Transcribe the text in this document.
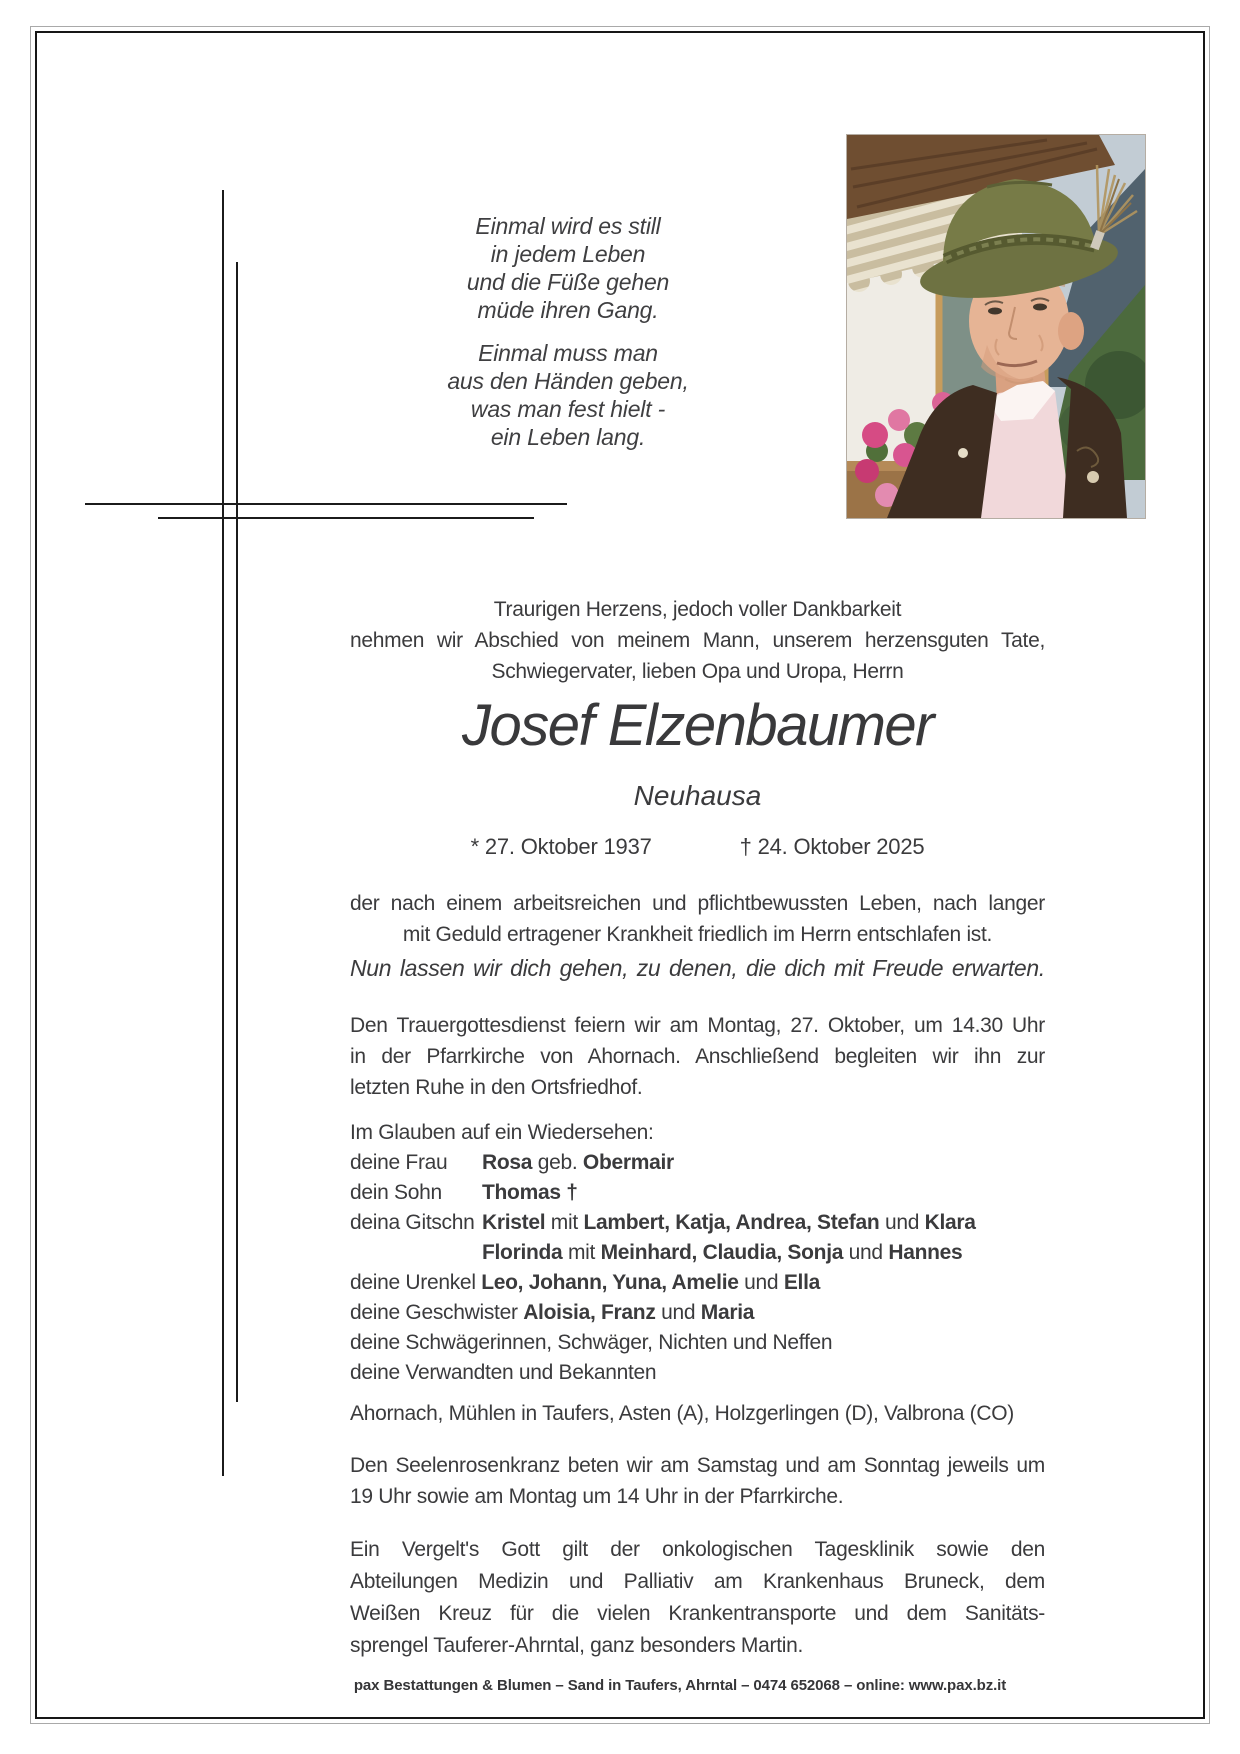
Einmal wird es still
in jedem Leben
und die Füße gehen
müde ihren Gang.
Einmal muss man
aus den Händen geben,
was man fest hielt -
ein Leben lang.
Traurigen Herzens, jedoch voller Dankbarkeit
nehmen wir Abschied von meinem Mann, unserem herzensguten Tate,
Schwiegervater, lieben Opa und Uropa, Herrn
Josef Elzenbaumer
Neuhausa
* 27. Oktober 1937	† 24. Oktober 2025
der nach einem arbeitsreichen und pflichtbewussten Leben, nach langer
mit Geduld ertragener Krankheit friedlich im Herrn entschlafen ist.
Nun lassen wir dich gehen, zu denen, die dich mit Freude erwarten.
Den Trauergottesdienst feiern wir am Montag, 27. Oktober, um 14.30 Uhr
in der Pfarrkirche von Ahornach. Anschließend begleiten wir ihn zur
letzten Ruhe in den Ortsfriedhof.
Im Glauben auf ein Wiedersehen:
deine Frau	Rosa geb. Obermair
dein Sohn	Thomas †
deina Gitschn Kristel mit Lambert, Katja, Andrea, Stefan und Klara
Florinda mit Meinhard, Claudia, Sonja und Hannes
deine Urenkel Leo, Johann, Yuna, Amelie und Ella
deine Geschwister Aloisia, Franz und Maria
deine Schwägerinnen, Schwäger, Nichten und Neffen
deine Verwandten und Bekannten
Ahornach, Mühlen in Taufers, Asten (A), Holzgerlingen (D), Valbrona (CO)
Den Seelenrosenkranz beten wir am Samstag und am Sonntag jeweils um
19 Uhr sowie am Montag um 14 Uhr in der Pfarrkirche.
Ein Vergelt's Gott gilt der onkologischen Tagesklinik sowie den
Abteilungen Medizin und Palliativ am Krankenhaus Bruneck, dem
Weißen Kreuz für die vielen Krankentransporte und dem Sanitäts-
sprengel Tauferer-Ahrntal, ganz besonders Martin.
pax Bestattungen & Blumen – Sand in Taufers, Ahrntal – 0474 652068 – online: www.pax.bz.it
